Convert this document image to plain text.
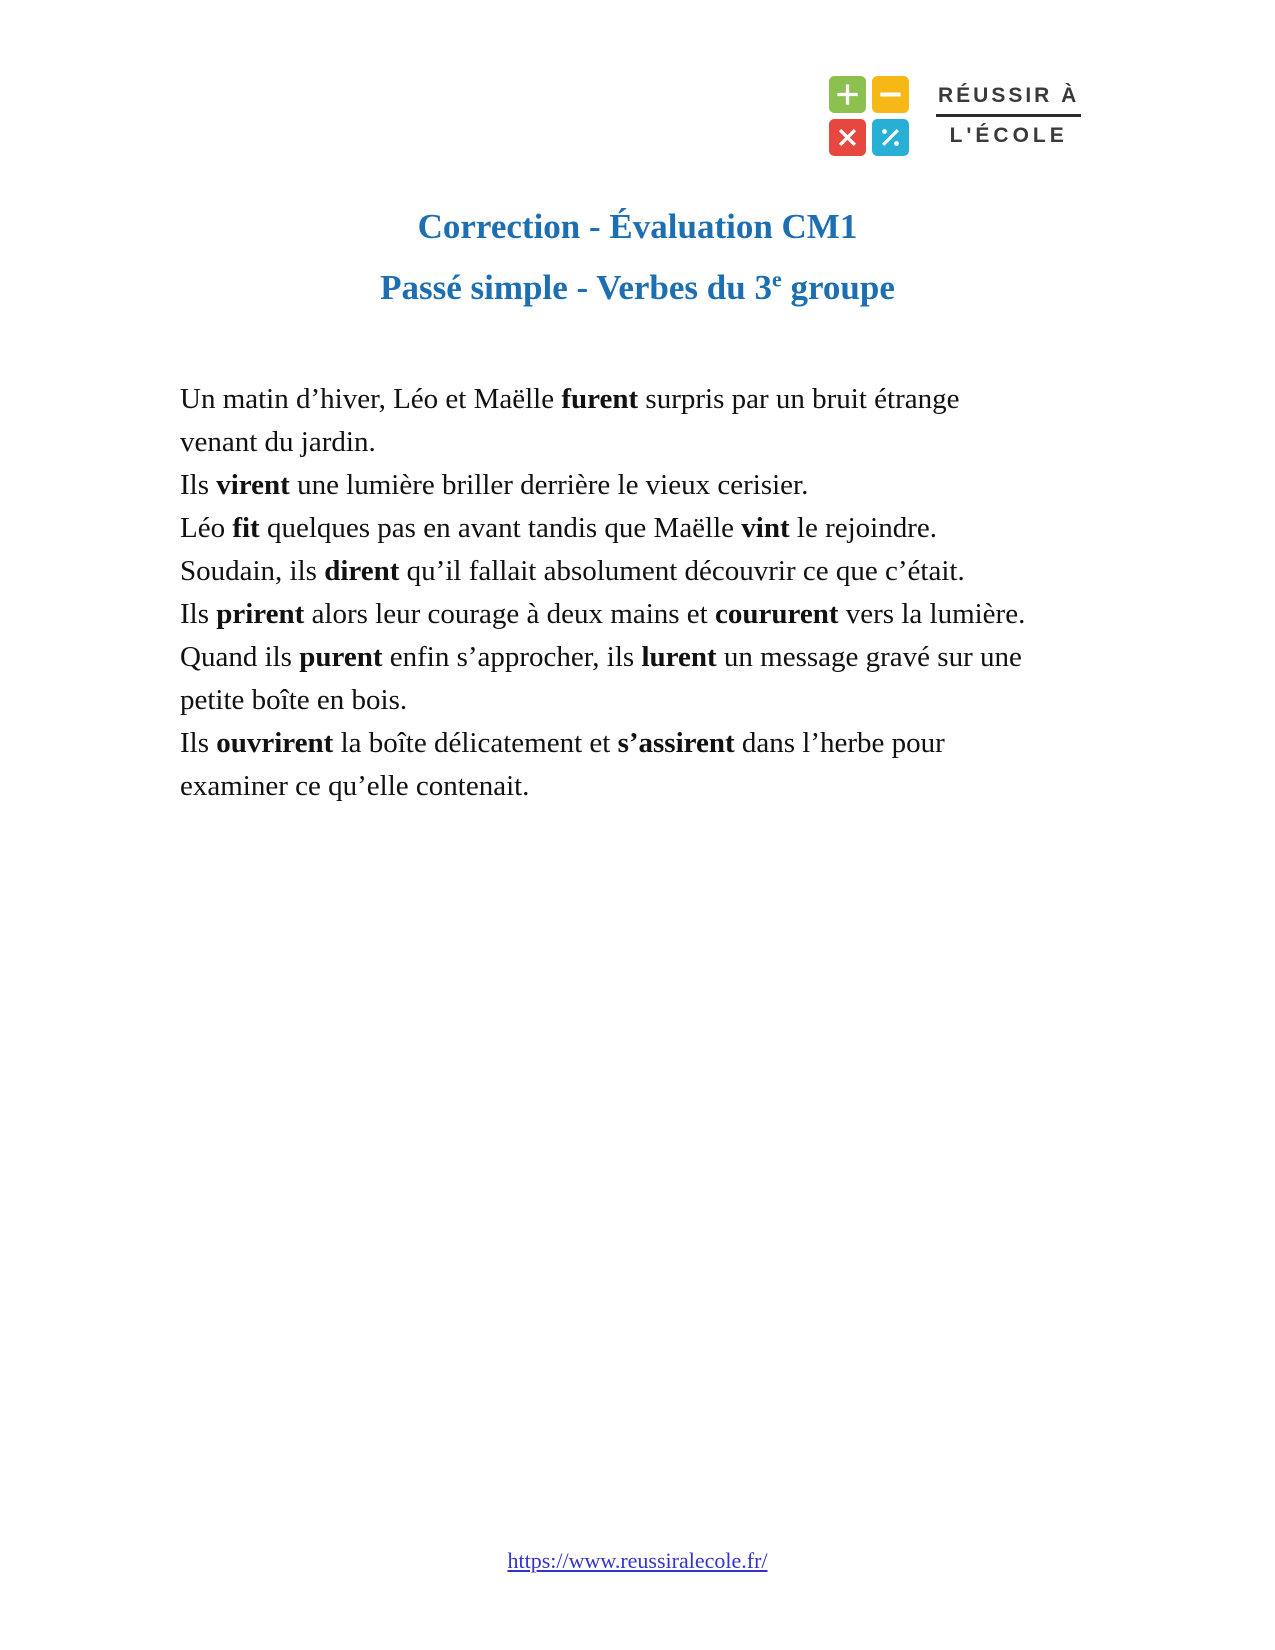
RÉUSSIR À
L'ÉCOLE
Correction - Évaluation CM1
Passé simple - Verbes du 3e groupe
Un matin d’hiver, Léo et Maëlle furent surpris par un bruit étrange venant du jardin.
Ils virent une lumière briller derrière le vieux cerisier.
Léo fit quelques pas en avant tandis que Maëlle vint le rejoindre.
Soudain, ils dirent qu’il fallait absolument découvrir ce que c’était.
Ils prirent alors leur courage à deux mains et coururent vers la lumière.
Quand ils purent enfin s’approcher, ils lurent un message gravé sur une petite boîte en bois.
Ils ouvrirent la boîte délicatement et s’assirent dans l’herbe pour examiner ce qu’elle contenait.
https://www.reussiralecole.fr/
